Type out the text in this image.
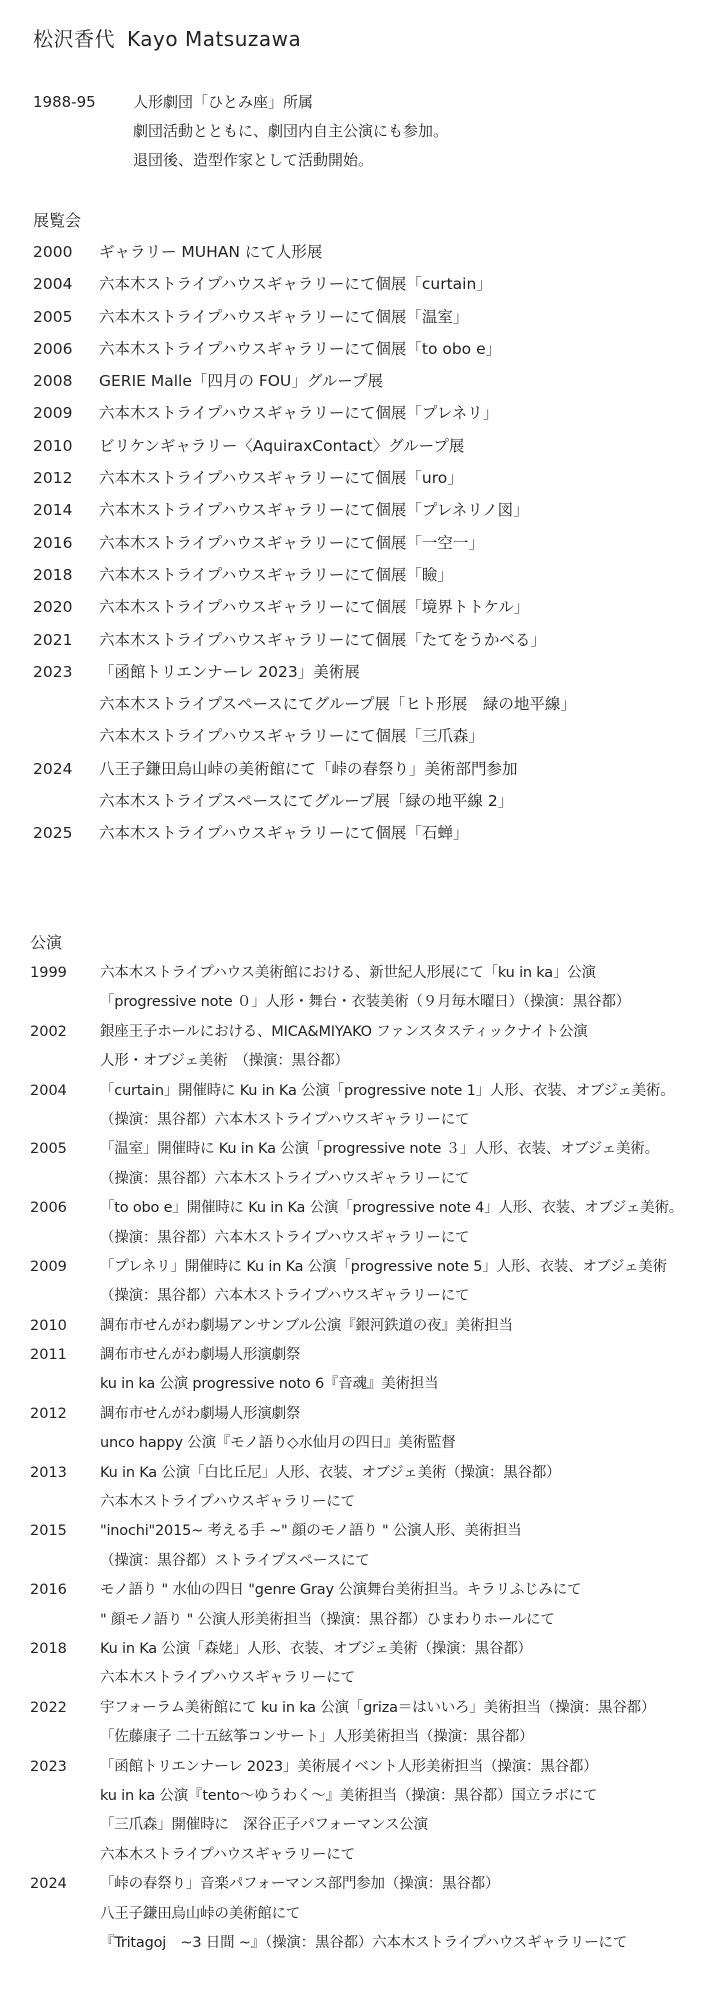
松沢香代 Kayo Matsuzawa
1988-95	人形劇団「ひとみ座」所属
劇団活動とともに、劇団内自主公演にも参加。
退団後、造型作家として活動開始。
展覧会
2000	ギャラリー MUHAN にて人形展
2004	六本木ストライプハウスギャラリーにて個展「curtain」
2005	六本木ストライプハウスギャラリーにて個展「温室」
2006	六本木ストライプハウスギャラリーにて個展「to obo e」
2008	GERIE Malle「四月の FOU」グループ展
2009	六本木ストライプハウスギャラリーにて個展「プレネリ」
2010	ビリケンギャラリー〈AquiraxContact〉グループ展
2012	六本木ストライプハウスギャラリーにて個展「uro」
2014	六本木ストライプハウスギャラリーにて個展「プレネリノ図」
2016	六本木ストライプハウスギャラリーにて個展「一空一」
2018	六本木ストライプハウスギャラリーにて個展「瞼」
2020	六本木ストライプハウスギャラリーにて個展「境界トトケル」
2021	六本木ストライプハウスギャラリーにて個展「たてをうかべる」
2023	「函館トリエンナーレ 2023」美術展
六本木ストライプスペースにてグループ展「ヒト形展　緑の地平線」
六本木ストライプハウスギャラリーにて個展「三爪森」
2024	八王子鎌田烏山峠の美術館にて「峠の春祭り」美術部門参加
六本木ストライプスペースにてグループ展「緑の地平線 2」
2025	六本木ストライプハウスギャラリーにて個展「石蝉」
公演
1999	六本木ストライプハウス美術館における、新世紀人形展にて「ku in ka」公演
「progressive note ０」人形・舞台・衣装美術（９月毎木曜日）（操演：黒谷都）
2002	銀座王子ホールにおける、MICA&MIYAKO ファンスタスティックナイト公演
人形・オブジェ美術　（操演：黒谷都）
2004	「curtain」開催時に Ku in Ka 公演「progressive note 1」人形、衣装、オブジェ美術。
（操演：黒谷都）六本木ストライプハウスギャラリーにて
2005	「温室」開催時に Ku in Ka 公演「progressive note ３」人形、衣装、オブジェ美術。
（操演：黒谷都）六本木ストライプハウスギャラリーにて
2006	「to obo e」開催時に Ku in Ka 公演「progressive note 4」人形、衣装、オブジェ美術。
（操演：黒谷都）六本木ストライプハウスギャラリーにて
2009	「プレネリ」開催時に Ku in Ka 公演「progressive note 5」人形、衣装、オブジェ美術
（操演：黒谷都）六本木ストライプハウスギャラリーにて
2010	調布市せんがわ劇場アンサンブル公演『銀河鉄道の夜』美術担当
2011	調布市せんがわ劇場人形演劇祭
ku in ka 公演 progressive noto 6『音魂』美術担当
2012	調布市せんがわ劇場人形演劇祭
unco happy 公演『モノ語り◇水仙月の四日』美術監督
2013	Ku in Ka 公演「白比丘尼」人形、衣装、オブジェ美術（操演：黒谷都）
六本木ストライプハウスギャラリーにて
2015	"inochi"2015~ 考える手 ~" 顔のモノ語り " 公演人形、美術担当
（操演：黒谷都）ストライプスペースにて
2016	モノ語り " 水仙の四日 "genre Gray 公演舞台美術担当。キラリふじみにて
" 顔モノ語り " 公演人形美術担当（操演：黒谷都）ひまわりホールにて
2018	Ku in Ka 公演「森姥」人形、衣装、オブジェ美術（操演：黒谷都）
六本木ストライプハウスギャラリーにて
2022	宇フォーラム美術館にて ku in ka 公演「griza＝はいいろ」美術担当（操演：黒谷都）
「佐藤康子 二十五絃筝コンサート」人形美術担当（操演：黒谷都）
2023	「函館トリエンナーレ 2023」美術展イベント人形美術担当（操演：黒谷都）
ku in ka 公演『tento〜ゆうわく〜』美術担当（操演：黒谷都）国立ラボにて
「三爪森」開催時に　深谷正子パフォーマンス公演
六本木ストライプハウスギャラリーにて
2024	「峠の春祭り」音楽パフォーマンス部門参加（操演：黒谷都）
八王子鎌田烏山峠の美術館にて
『Tritagoj　~3 日間 ~』（操演：黒谷都）六本木ストライプハウスギャラリーにて
